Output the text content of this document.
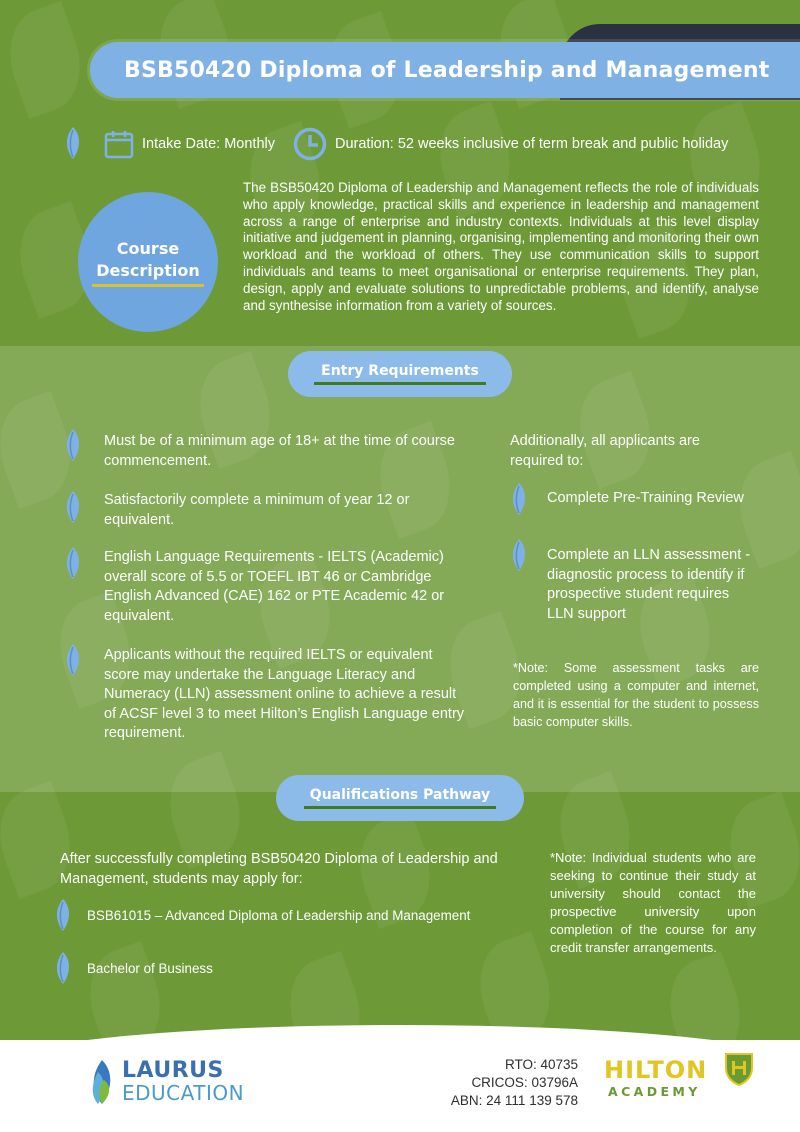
BSB50420 Diploma of Leadership and Management
Intake Date: Monthly	Duration: 52 weeks inclusive of term break and public holiday
Course
Description

The BSB50420 Diploma of Leadership and Management reflects the role of individuals who apply knowledge, practical skills and experience in leadership and management across a range of enterprise and industry contexts. Individuals at this level display initiative and judgement in planning, organising, implementing and monitoring their own workload and the workload of others. They use communication skills to support individuals and teams to meet organisational or enterprise requirements. They plan, design, apply and evaluate solutions to unpredictable problems, and identify, analyse and synthesise information from a variety of sources.

Entry Requirements

Must be of a minimum age of 18+ at the time of course commencement.

Satisfactorily complete a minimum of year 12 or equivalent.

English Language Requirements - IELTS (Academic) overall score of 5.5 or TOEFL IBT 46 or Cambridge English Advanced (CAE) 162 or PTE Academic 42 or equivalent.

Applicants without the required IELTS or equivalent score may undertake the Language Literacy and Numeracy (LLN) assessment online to achieve a result of ACSF level 3 to meet Hilton’s English Language entry requirement.

Additionally, all applicants are required to:

Complete Pre-Training Review

Complete an LLN assessment - diagnostic process to identify if prospective student requires LLN support

*Note: Some assessment tasks are completed using a computer and internet, and it is essential for the student to possess basic computer skills.

Qualifications Pathway

After successfully completing BSB50420 Diploma of Leadership and Management, students may apply for:

BSB61015 – Advanced Diploma of Leadership and Management

Bachelor of Business

*Note: Individual students who are seeking to continue their study at university should contact the prospective university upon completion of the course for any credit transfer arrangements.

LAURUS
EDUCATION
RTO: 40735
CRICOS: 03796A
ABN: 24 111 139 578
HILTON
ACADEMY
